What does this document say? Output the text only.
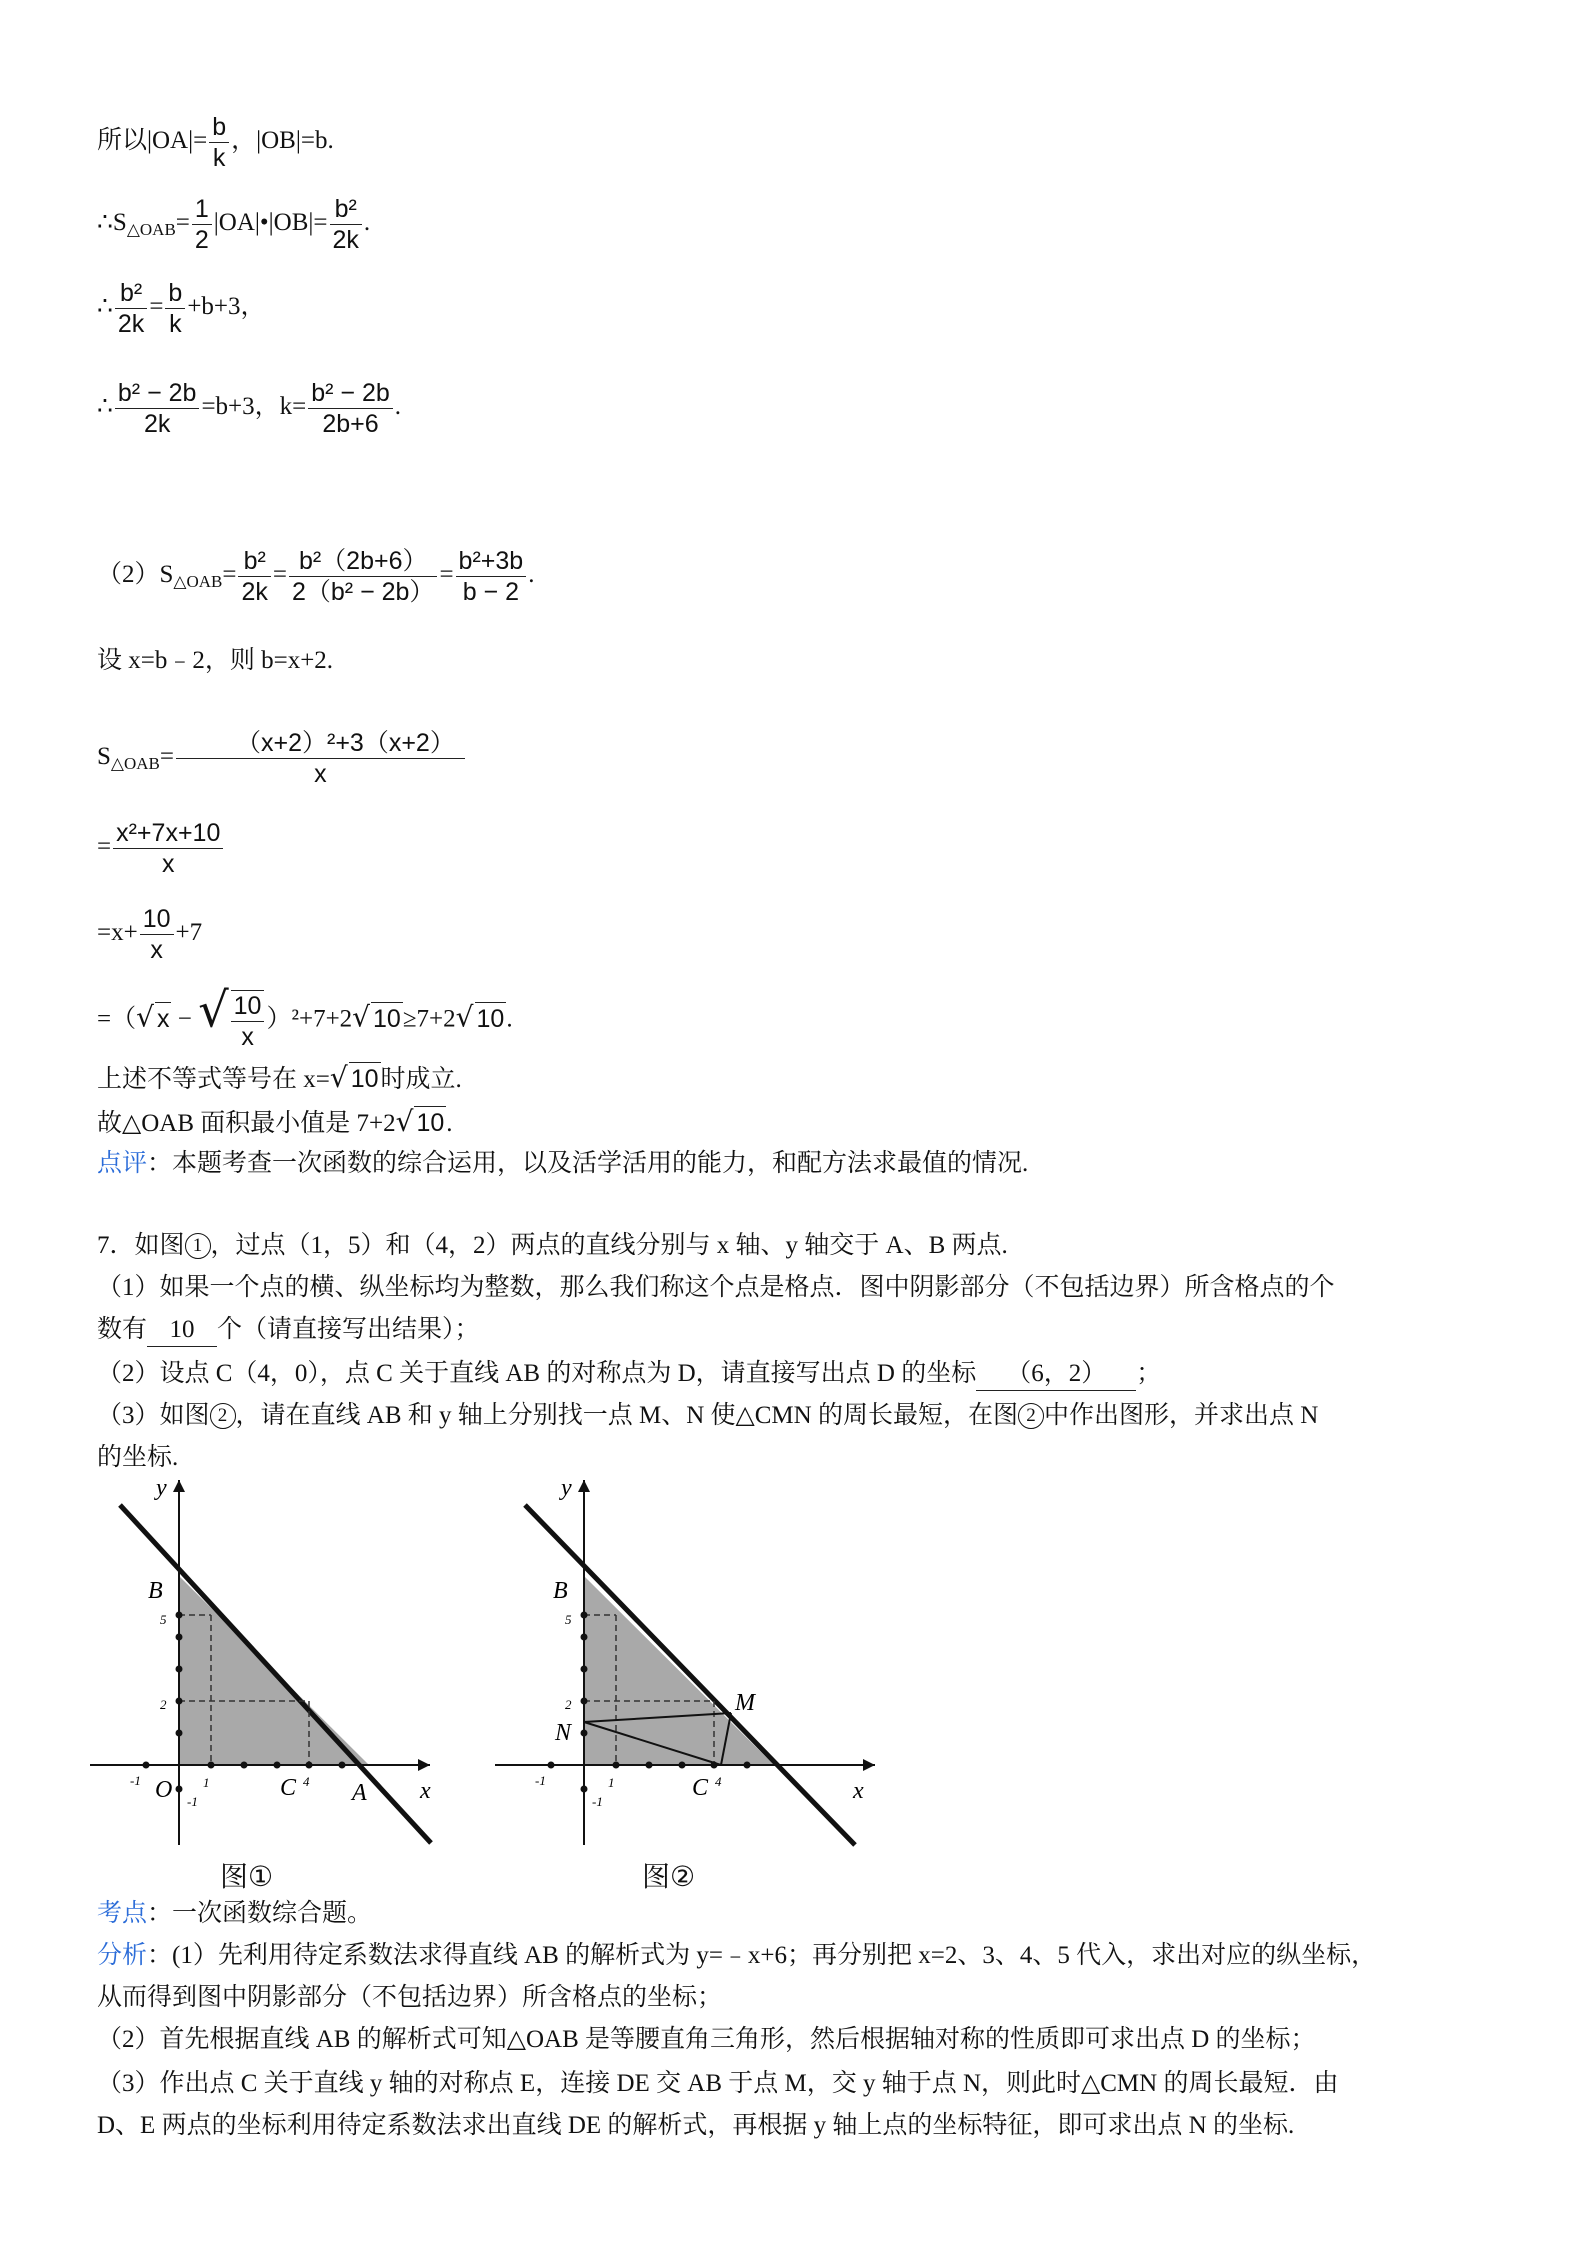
所以$|OA|= \frac{b}{k}$ ，|OB|=b.
$\therefore S_{\triangle OAB}= \frac{1}{2}$ |OA|•|OB|= $\frac{\text{b²}}{2k}$ .
∴ $\frac{\text{b²}}{2k} = \frac{b}{k} +b+3$，
∴ $\frac{\text{b² − 2b}}{2k} =b+3$，$k= \frac{\text{b² − 2b}}{2b+6}$ .
$(2)S_{\triangle OAB}= \frac{\text{b²}}{2k} = \frac{\text{b²（2b+6）}}{\text{2（b² − 2b）}} = \frac{\text{b²+3b}}{b - 2}$ .
设 x=b﹣2，则 b=x+2.
$S_{\triangle OAB}= \frac{\text{（x+2）²+3（x+2）}}{x}$
= $\frac{\text{x²+7x+10}}{x}$
$=x+ \frac{10}{x} +7$
=（√ x − √ $\frac{10}{x} )^2+7+2√$ 10≥7+2√ 10.
上述不等式等号在 x=√ 10时成立.
故△OAB 面积最小值是 7+2√ 10.
点评：本题考查一次函数的综合运用，以及活学活用的能力，和配方法求最值的情况.
7．如图 1 ，过点（1，5）和（4，2）两点的直线分别与 x 轴、y 轴交于 A、B 两点.
（1）如果一个点的横、纵坐标均为整数，那么我们称这个点是格点．图中阴影部分（不包括边界）所含格点的个
数有 10 个（请直接写出结果）；
（2）设点 C（4，0），点 C 关于直线 AB 的对称点为 D，请直接写出点 D 的坐标 （6，2） ；
（3）如图 2 ，请在直线 AB 和 y 轴上分别找一点 M、N 使△CMN 的周长最短，在图 2 中作出图形，并求出点 N
的坐标.
y
x
B
A
C
O
5
2
-1	1	4
-1
图①
y
x
B
M
N
C
5
2
-1	1	4
-1
图②
考点：一次函数综合题。
分析：(1）先利用待定系数法求得直线 AB 的解析式为 y=﹣x+6；再分别把 x=2、3、4、5 代入，求出对应的纵坐标，
从而得到图中阴影部分（不包括边界）所含格点的坐标；
（2）首先根据直线 AB 的解析式可知△OAB 是等腰直角三角形，然后根据轴对称的性质即可求出点 D 的坐标；
（3）作出点 C 关于直线 y 轴的对称点 E，连接 DE 交 AB 于点 M，交 y 轴于点 N，则此时△CMN 的周长最短．由
D、E 两点的坐标利用待定系数法求出直线 DE 的解析式，再根据 y 轴上点的坐标特征，即可求出点 N 的坐标.
